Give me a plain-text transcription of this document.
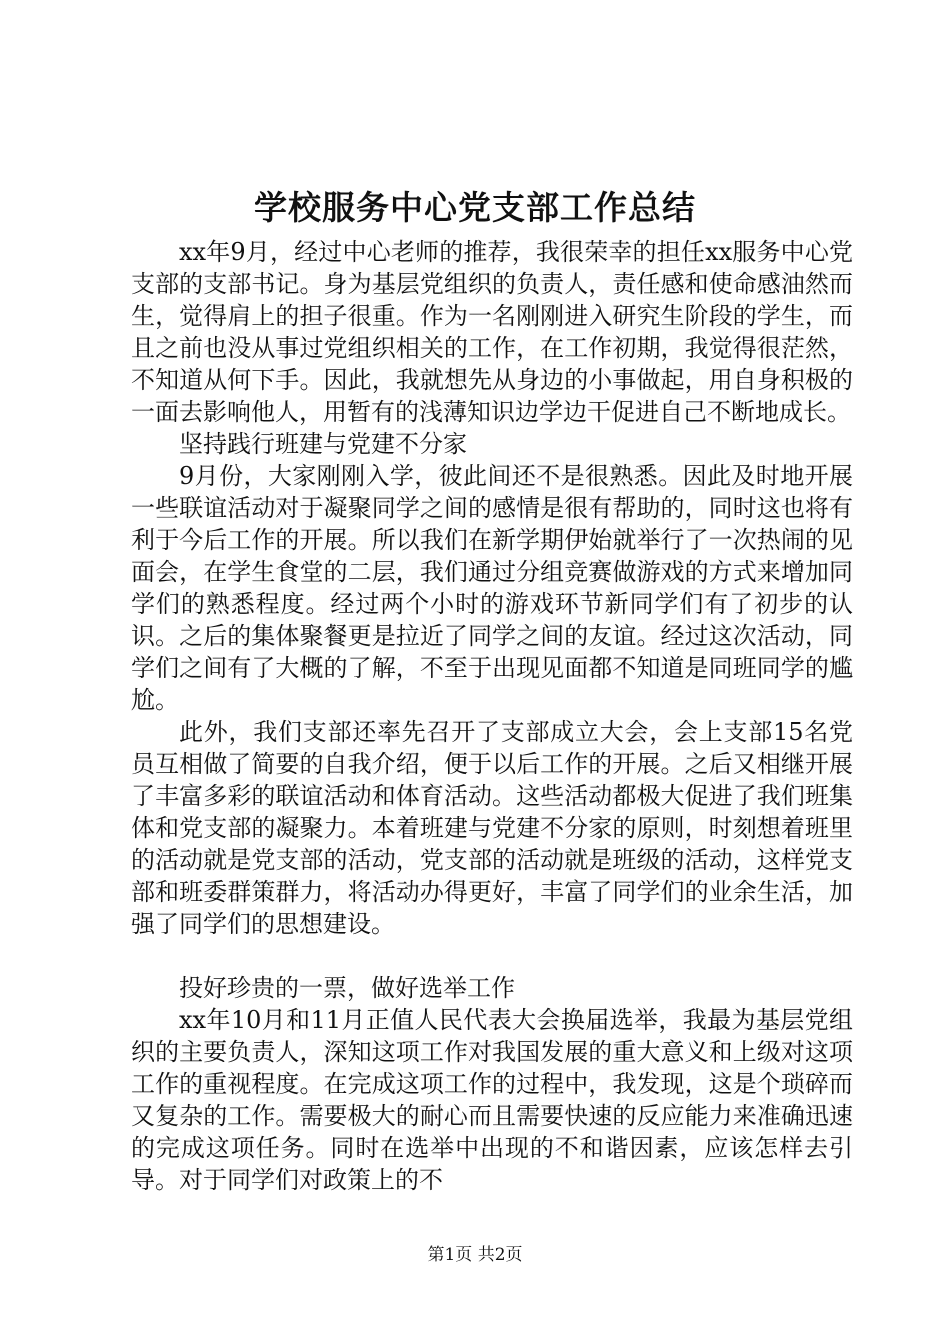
学校服务中心党支部工作总结

xx年9月，经过中心老师的推荐，我很荣幸的担任xx服务中心党支部的支部书记。身为基层党组织的负责人，责任感和使命感油然而生，觉得肩上的担子很重。作为一名刚刚进入研究生阶段的学生，而且之前也没从事过党组织相关的工作，在工作初期，我觉得很茫然，不知道从何下手。因此，我就想先从身边的小事做起，用自身积极的一面去影响他人，用暂有的浅薄知识边学边干促进自己不断地成长。

坚持践行班建与党建不分家

9月份，大家刚刚入学，彼此间还不是很熟悉。因此及时地开展一些联谊活动对于凝聚同学之间的感情是很有帮助的，同时这也将有利于今后工作的开展。所以我们在新学期伊始就举行了一次热闹的见面会，在学生食堂的二层，我们通过分组竞赛做游戏的方式来增加同学们的熟悉程度。经过两个小时的游戏环节新同学们有了初步的认识。之后的集体聚餐更是拉近了同学之间的友谊。经过这次活动，同学们之间有了大概的了解，不至于出现见面都不知道是同班同学的尴尬。

此外，我们支部还率先召开了支部成立大会，会上支部15名党员互相做了简要的自我介绍，便于以后工作的开展。之后又相继开展了丰富多彩的联谊活动和体育活动。这些活动都极大促进了我们班集体和党支部的凝聚力。本着班建与党建不分家的原则，时刻想着班里的活动就是党支部的活动，党支部的活动就是班级的活动，这样党支部和班委群策群力，将活动办得更好，丰富了同学们的业余生活，加强了同学们的思想建设。

投好珍贵的一票，做好选举工作

xx年10月和11月正值人民代表大会换届选举，我最为基层党组织的主要负责人，深知这项工作对我国发展的重大意义和上级对这项工作的重视程度。在完成这项工作的过程中，我发现，这是个琐碎而又复杂的工作。需要极大的耐心而且需要快速的反应能力来准确迅速的完成这项任务。同时在选举中出现的不和谐因素，应该怎样去引导。对于同学们对政策上的不

第1页 共2页
